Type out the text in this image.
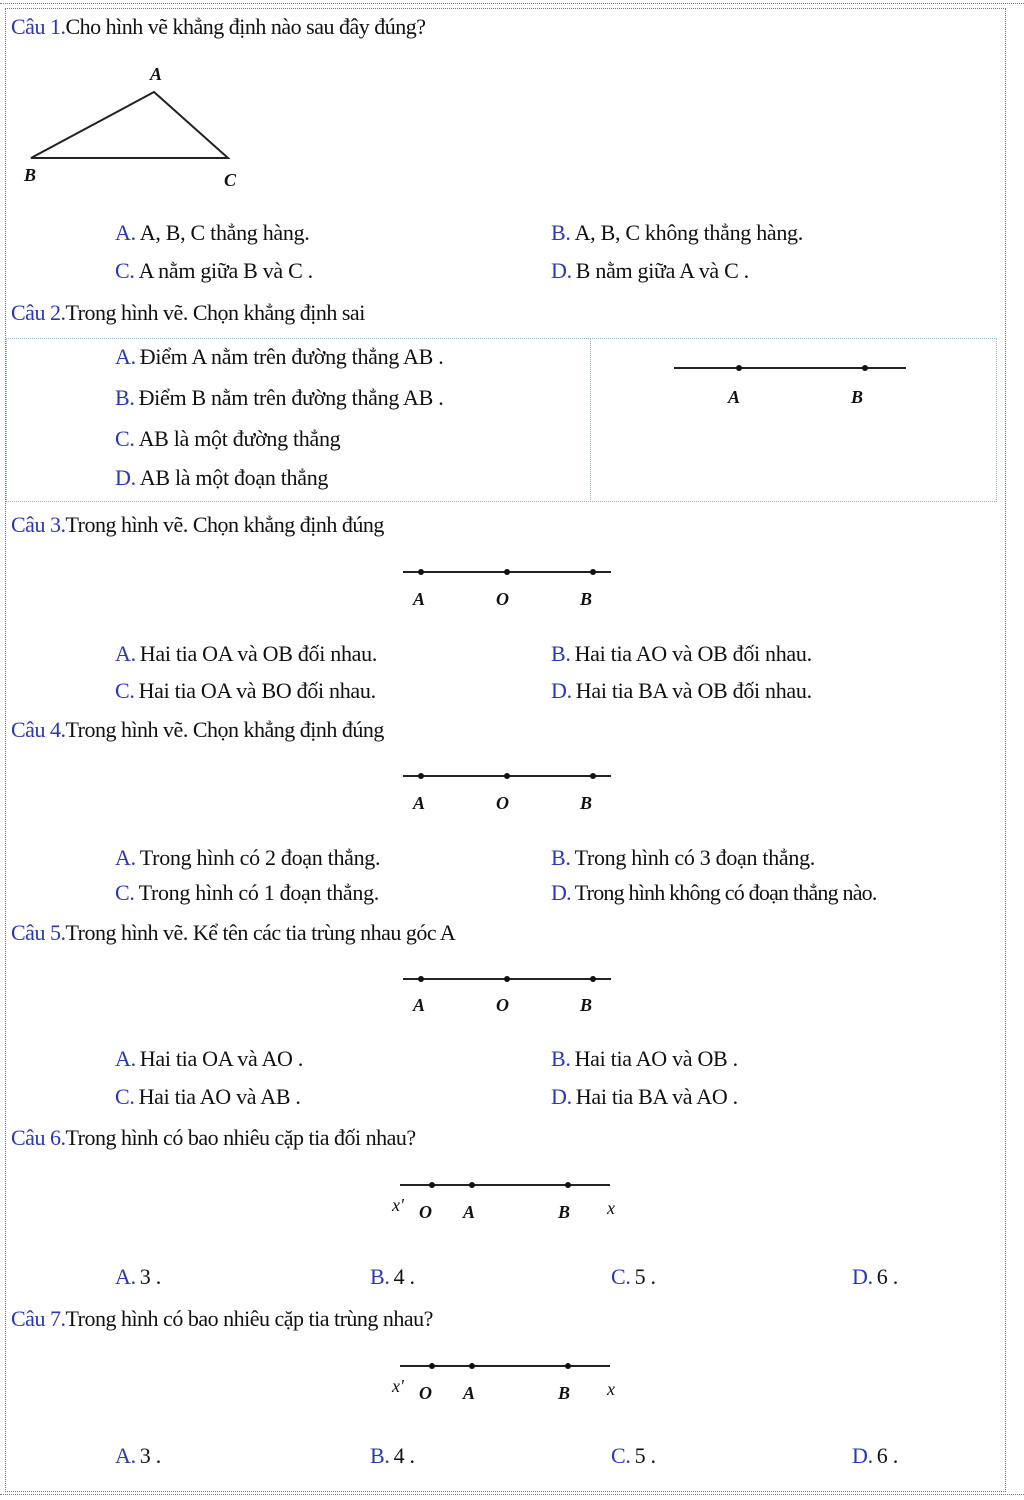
Câu 1.Cho hình vẽ khẳng định nào sau đây đúng?
A
B	C
A. A, B, C thẳng hàng.	B. A, B, C không thẳng hàng.
C. A nằm giữa B và C .	D. B nằm giữa A và C .
Câu 2.Trong hình vẽ. Chọn khẳng định sai
A. Điểm A nằm trên đường thẳng AB .
B. Điểm B nằm trên đường thẳng AB .
C. AB là một đường thẳng
D. AB là một đoạn thẳng
A	B
Câu 3.Trong hình vẽ. Chọn khẳng định đúng
A	O	B
A. Hai tia OA và OB đối nhau.	B. Hai tia AO và OB đối nhau.
C. Hai tia OA và BO đối nhau.	D. Hai tia BA và OB đối nhau.
Câu 4.Trong hình vẽ. Chọn khẳng định đúng
A	O	B
A. Trong hình có 2 đoạn thẳng.	B. Trong hình có 3 đoạn thẳng.
C. Trong hình có 1 đoạn thẳng.	D. Trong hình không có đoạn thẳng nào.
Câu 5.Trong hình vẽ. Kể tên các tia trùng nhau góc A
A	O	B
A. Hai tia OA và AO .	B. Hai tia AO và OB .
C. Hai tia AO và AB .	D. Hai tia BA và AO .
Câu 6.Trong hình có bao nhiêu cặp tia đối nhau?
x' O A	B x
A. 3 .	B. 4 .	C. 5 .	D. 6 .
Câu 7.Trong hình có bao nhiêu cặp tia trùng nhau?
x' O A	B x
A. 3 .	B. 4 .	C. 5 .	D. 6 .
